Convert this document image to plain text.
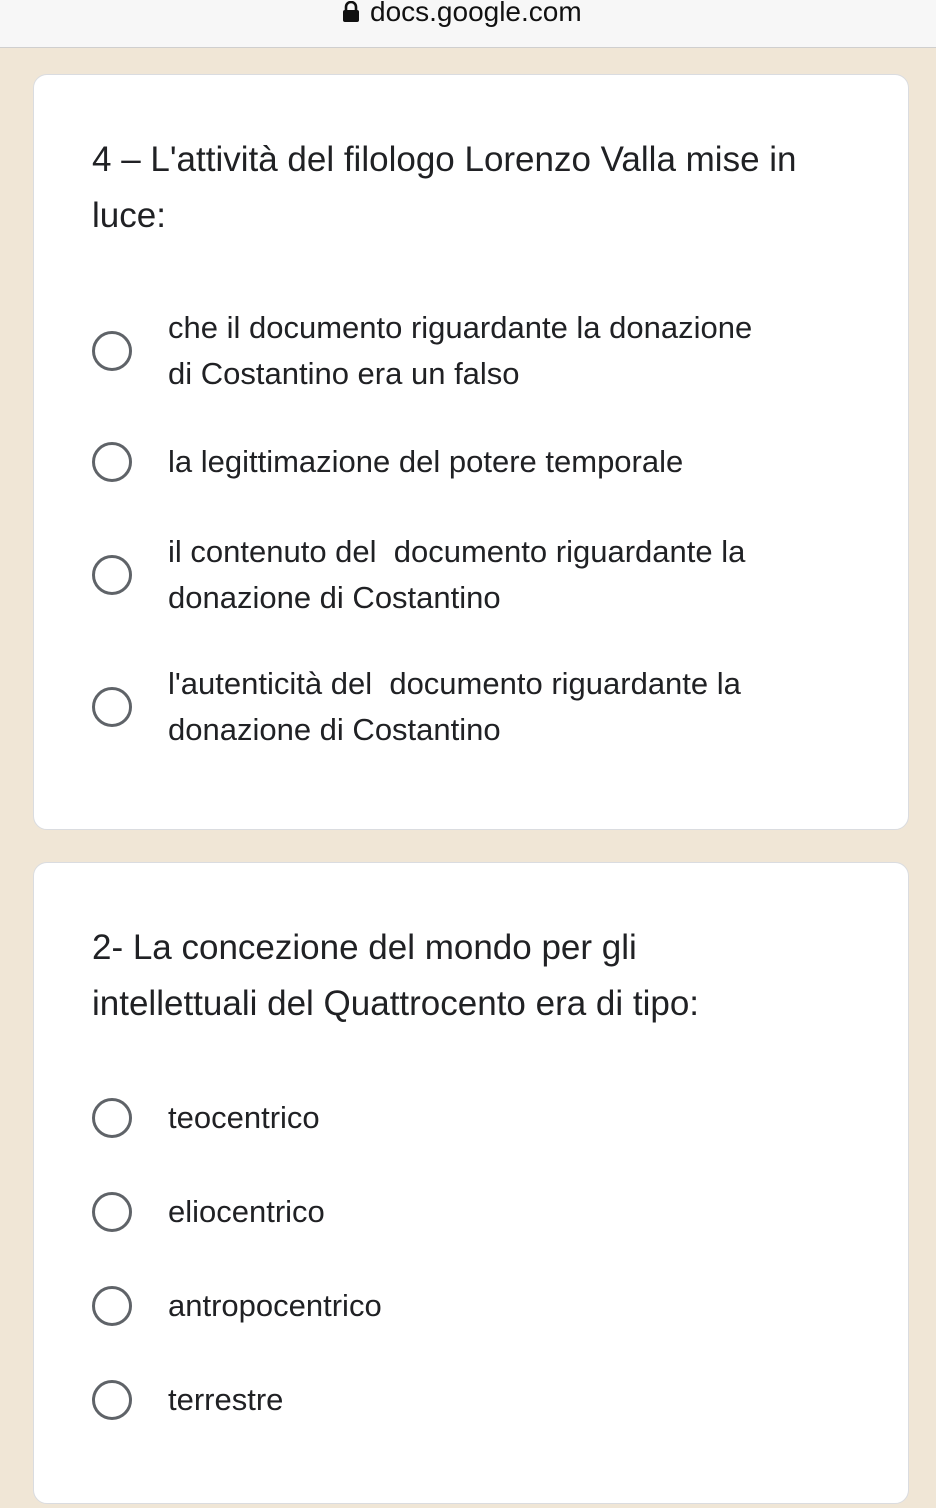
docs.google.com
4 – L'attività del filologo Lorenzo Valla mise in luce:
che il documento riguardante la donazione di Costantino era un falso
la legittimazione del potere temporale
il contenuto del  documento riguardante la donazione di Costantino
l'autenticità del  documento riguardante la donazione di Costantino
2- La concezione del mondo per gli intellettuali del Quattrocento era di tipo:
teocentrico
eliocentrico
antropocentrico
terrestre
